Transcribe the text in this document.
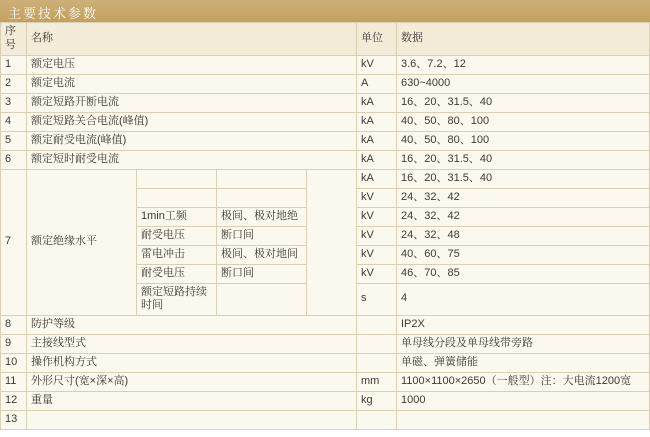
主要技术参数
序号	名称				单位	数据
1	额定电压				kV	3.6、7.2、12
2	额定电流				A	630~4000
3	额定短路开断电流				kA	16、20、31.5、40
4	额定短路关合电流(峰值)				kA	40、50、80、100
5	额定耐受电流(峰值)				kA	40、50、80、100
6	额定短时耐受电流				kA	16、20、31.5、40
7	额定绝缘水平				kA	16、20、31.5、40
					kV	24、32、42
		1min工频	极间、极对地绝		kV	24、32、42
		耐受电压	断口间		kV	24、32、48
		雷电冲击	极间、极对地间		kV	40、60、75
		耐受电压	断口间		kV	46、70、85
		额定短路持续时间			s	4
8	防护等级					IP2X
9	主接线型式					单母线分段及单母线带旁路
10	操作机构方式					单磁、弹簧储能
11	外形尺寸(宽×深×高)				mm	1100×1100×2650（一般型）注：大电流1200宽
12	重量				kg	1000
13						
